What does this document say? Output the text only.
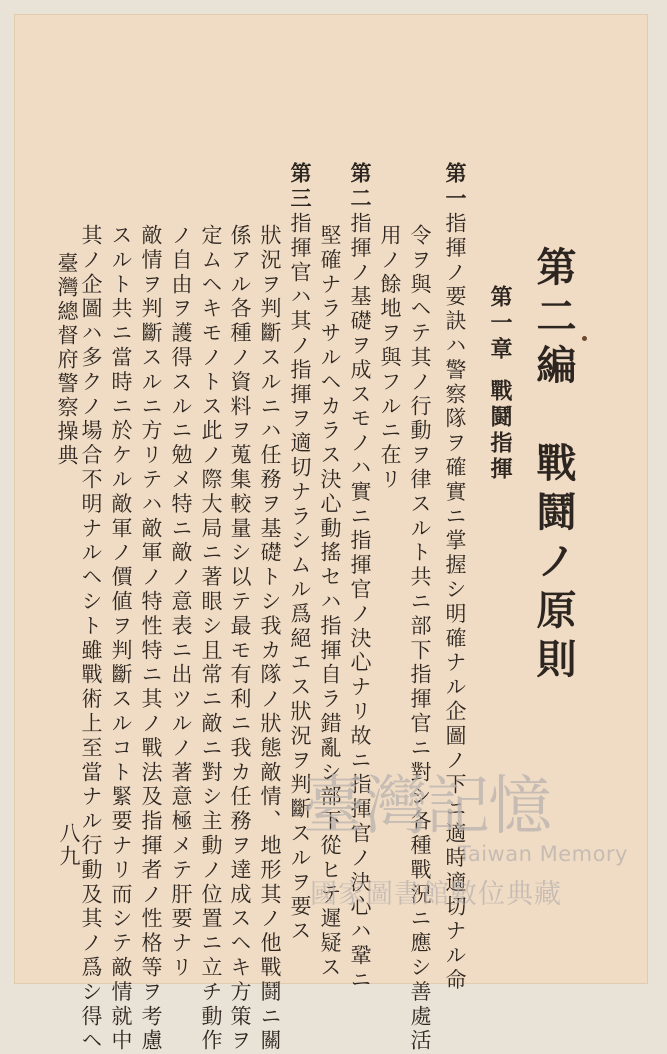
第二編　戰鬪ノ原則
第一章戰鬪指揮
第一指揮ノ要訣ハ警察隊ヲ確實ニ掌握シ明確ナル企圖ノ下ニ適時適切ナル命
令ヲ與ヘテ其ノ行動ヲ律スルト共ニ部下指揮官ニ對シ各種戰況ニ應シ善處活
用ノ餘地ヲ與フルニ在リ
第二指揮ノ基礎ヲ成スモノハ實ニ指揮官ノ決心ナリ故ニ指揮官ノ決心ハ鞏ニ
堅確ナラサルヘカラス決心動搖セハ指揮自ラ錯亂シ部下從ヒテ遲疑ス
第三指揮官ハ其ノ指揮ヲ適切ナラシムル爲絕エス狀況ヲ判斷スルヲ要ス
狀況ヲ判斷スルニハ任務ヲ基礎トシ我カ隊ノ狀態敵情、地形其ノ他戰鬪ニ關
係アル各種ノ資料ヲ蒐集較量シ以テ最モ有利ニ我カ任務ヲ達成スヘキ方策ヲ
定ムヘキモノトス此ノ際大局ニ著眼シ且常ニ敵ニ對シ主動ノ位置ニ立チ動作
ノ自由ヲ護得スルニ勉メ特ニ敵ノ意表ニ出ツルノ著意極メテ肝要ナリ
敵情ヲ判斷スルニ方リテハ敵軍ノ特性特ニ其ノ戰法及指揮者ノ性格等ヲ考慮
スルト共ニ當時ニ於ケル敵軍ノ價値ヲ判斷スルコト緊要ナリ而シテ敵情就中
其ノ企圖ハ多クノ場合不明ナルヘシト雖戰術上至當ナル行動及其ノ爲シ得ヘ
臺灣總督府警察操典
八九
臺灣記憶
Taiwan Memory
國家圖書館數位典藏
